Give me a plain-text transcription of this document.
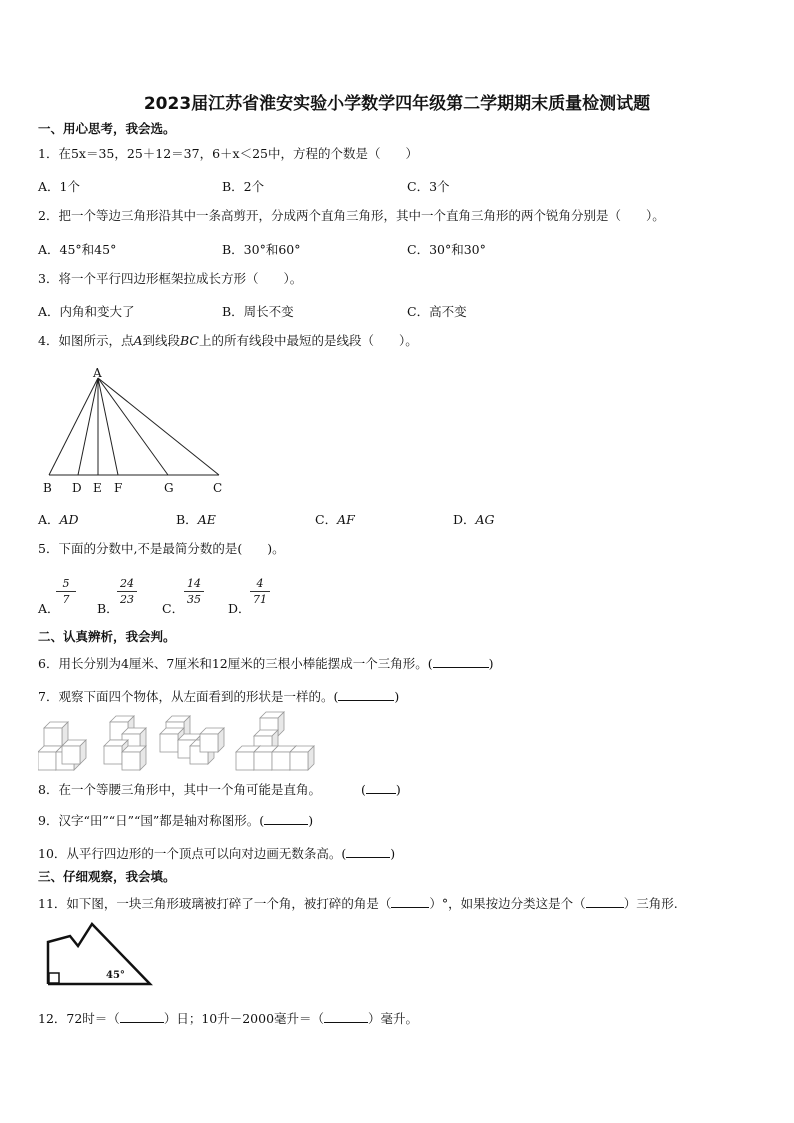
2023届江苏省淮安实验小学数学四年级第二学期期末质量检测试题
一、用心思考，我会选。
1．在5x＝35，25＋12＝37，6＋x＜25中，方程的个数是（　　）
A．1个	B．2个	C．3个
2．把一个等边三角形沿其中一条高剪开，分成两个直角三角形，其中一个直角三角形的两个锐角分别是（　　）。
A．45°和45°	B．30°和60°	C．30°和30°
3．将一个平行四边形框架拉成长方形（　　）。
A．内角和变大了	B．周长不变	C．高不变
4．如图所示，点A到线段BC上的所有线段中最短的是线段（　　）。
A
B D E F	G	C
A．AD	B．AE	C．AF	D．AG
5．下面的分数中,不是最简分数的是(　　)。
A．
$\frac{5}{7}$
B．
$\frac{24}{23}$
C．
$\frac{14}{35}$
D．
$\frac{4}{71}$
二、认真辨析，我会判。
6．用长分别为4厘米、7厘米和12厘米的三根小棒能摆成一个三角形。(	)
7．观察下面四个物体，从左面看到的形状是一样的。(	)
8．在一个等腰三角形中，其中一个角可能是直角。	( )
9．汉字“田”“日”“国”都是轴对称图形。(	)
10．从平行四边形的一个顶点可以向对边画无数条高。(	)
三、仔细观察，我会填。
11．如下图，一块三角形玻璃被打碎了一个角，被打碎的角是（	）°，如果按边分类这是个（	）三角形.
45°
12．72时＝（	）日；10升－2000毫升＝（	）毫升。
